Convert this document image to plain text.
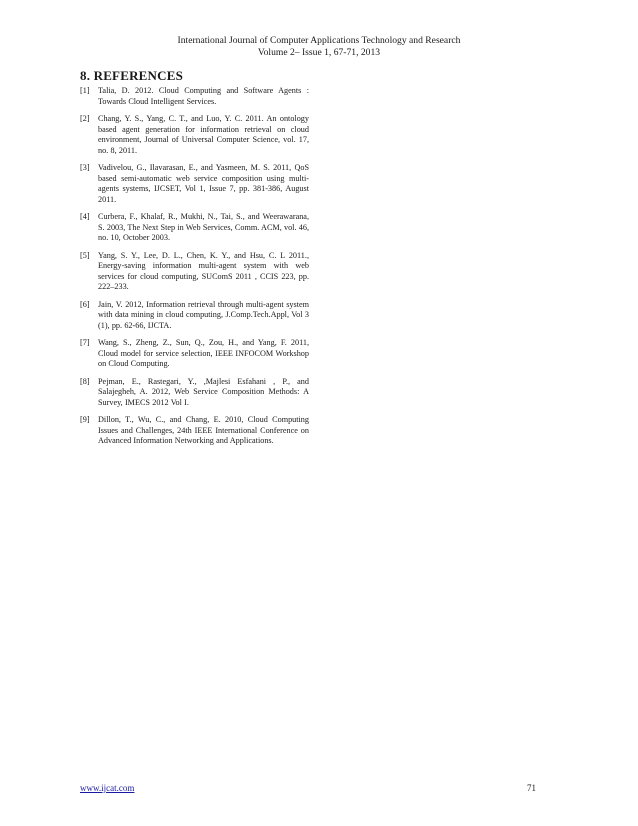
International Journal of Computer Applications Technology and Research
Volume 2– Issue 1, 67-71, 2013
8. REFERENCES
[1]	Talia, D. 2012. Cloud Computing and Software Agents : Towards Cloud Intelligent Services.
[2]	Chang, Y. S., Yang, C. T., and Luo, Y. C. 2011. An ontology based agent generation for information retrieval on cloud environment, Journal of Universal Computer Science, vol. 17, no. 8, 2011.
[3]	Vadivelou, G., Ilavarasan, E., and Yasmeen, M. S. 2011, QoS based semi-automatic web service composition using multi-agents systems, IJCSET, Vol 1, Issue 7, pp. 381-386, August 2011.
[4]	Curbera, F., Khalaf, R., Mukhi, N., Tai, S., and Weerawarana, S. 2003, The Next Step in Web Services, Comm. ACM, vol. 46, no. 10, October 2003.
[5]	Yang, S. Y., Lee, D. L., Chen, K. Y., and Hsu, C. L 2011., Energy-saving information multi-agent system with web services for cloud computing, SUComS 2011 , CCIS 223, pp. 222–233.
[6]	Jain, V. 2012, Information retrieval through multi-agent system with data mining in cloud computing, J.Comp.Tech.Appl, Vol 3 (1), pp. 62-66, IJCTA.
[7]	Wang, S., Zheng, Z., Sun, Q., Zou, H., and Yang, F. 2011, Cloud model for service selection, IEEE INFOCOM Workshop on Cloud Computing.
[8]	Pejman, E., Rastegari, Y., ,Majlesi Esfahani , P., and Salajegheh, A. 2012, Web Service Composition Methods: A Survey, IMECS 2012 Vol I.
[9]	Dillon, T., Wu, C., and Chang, E. 2010, Cloud Computing Issues and Challenges, 24th IEEE International Conference on Advanced Information Networking and Applications.
www.ijcat.com	71
